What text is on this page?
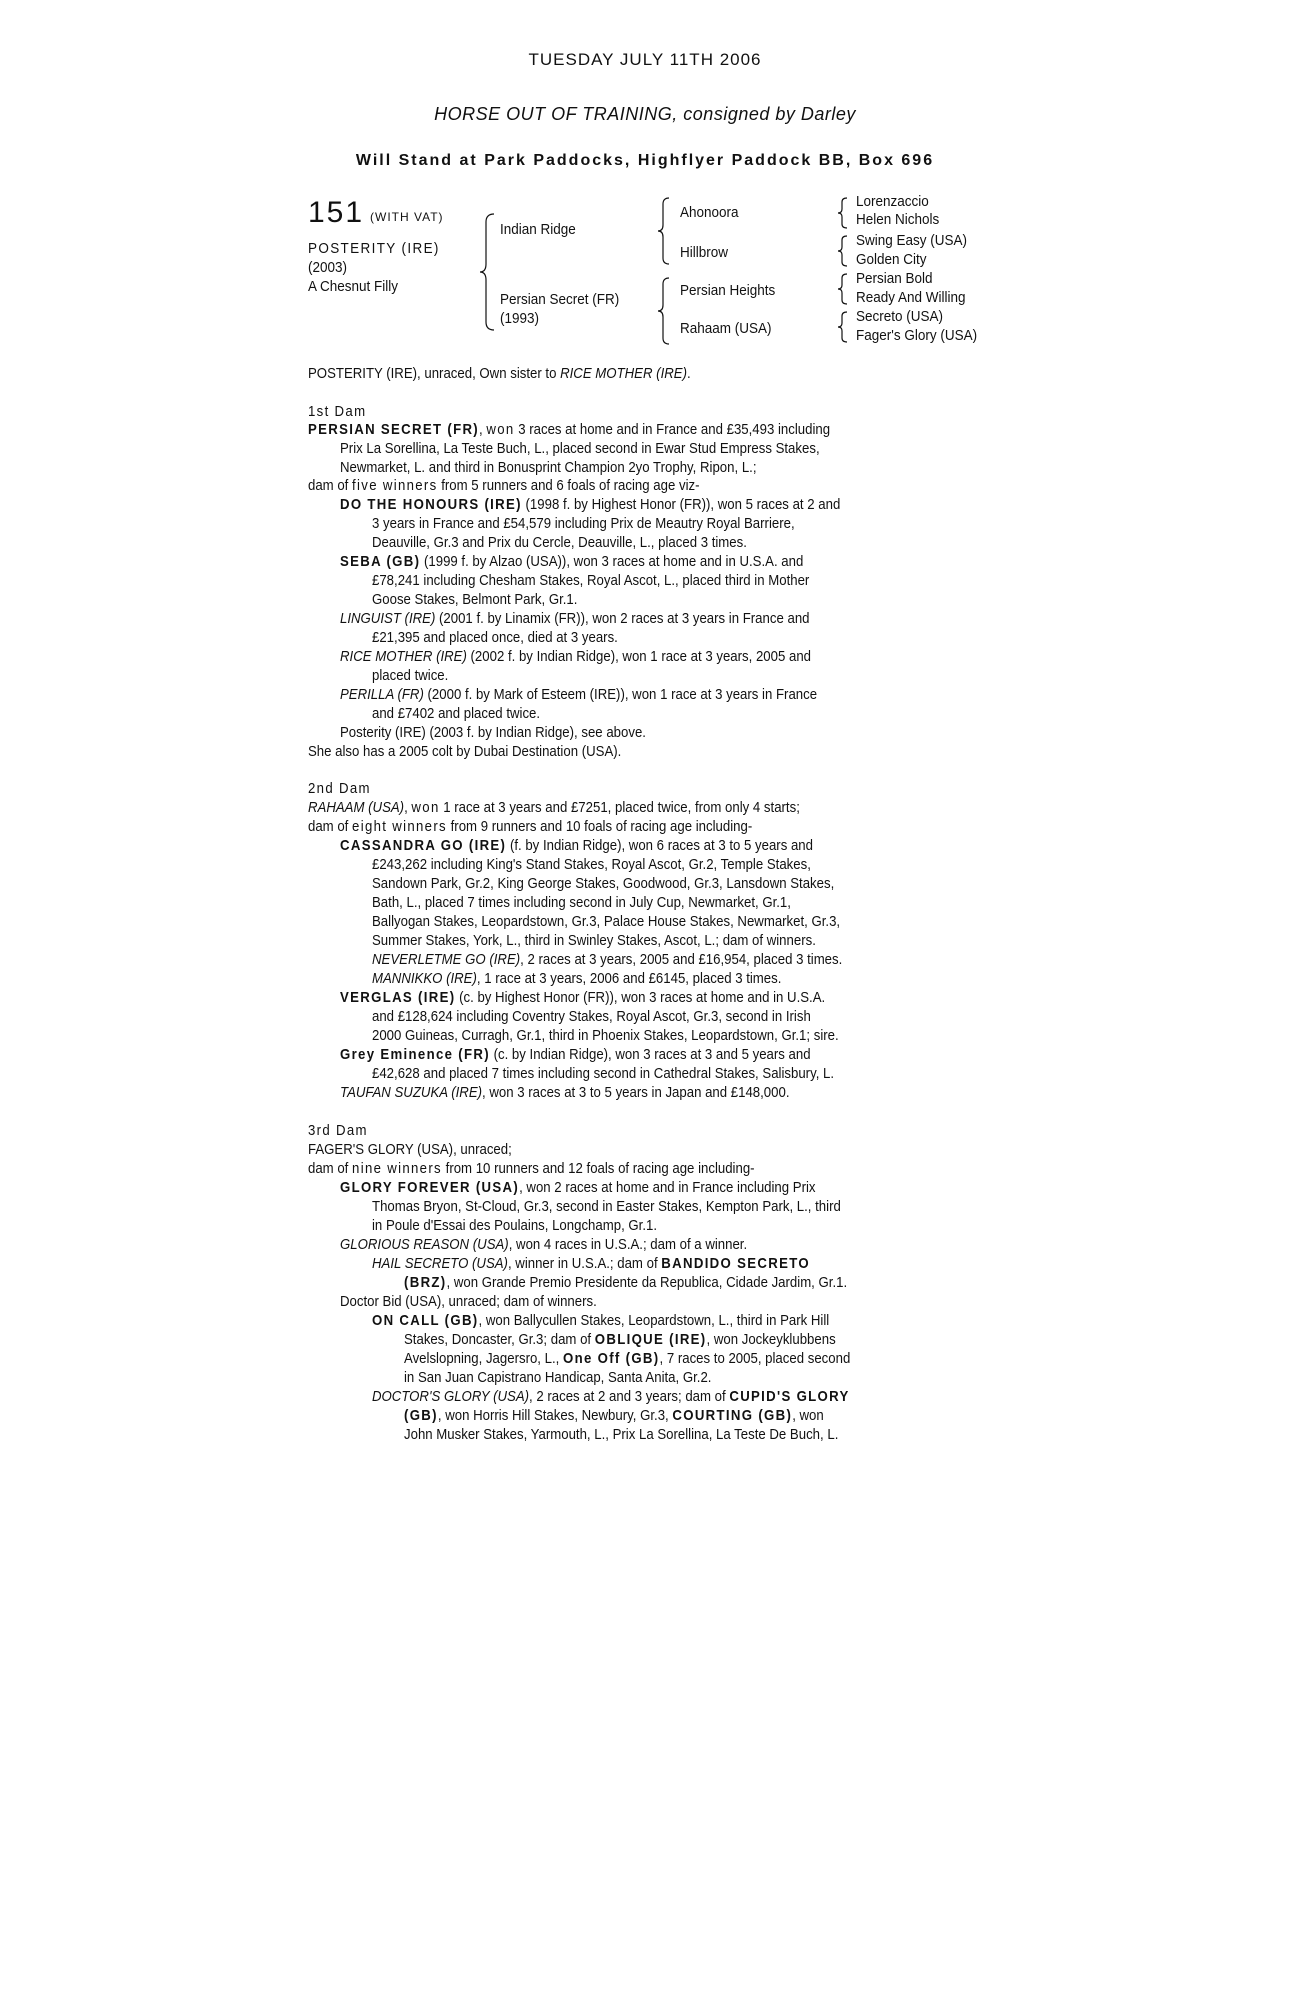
TUESDAY JULY 11TH 2006
HORSE OUT OF TRAINING, consigned by Darley
Will Stand at Park Paddocks, Highflyer Paddock BB, Box 696
151 (WITH VAT)
POSTERITY (IRE)
(2003)
A Chesnut Filly
Indian Ridge
Persian Secret (FR)
(1993)
Ahonoora
Hillbrow
Persian Heights
Rahaam (USA)
Lorenzaccio
Helen Nichols
Swing Easy (USA)
Golden City
Persian Bold
Ready And Willing
Secreto (USA)
Fager's Glory (USA)
POSTERITY (IRE), unraced, Own sister to RICE MOTHER (IRE).
1st Dam
PERSIAN SECRET (FR), won 3 races at home and in France and £35,493 including
Prix La Sorellina, La Teste Buch, L., placed second in Ewar Stud Empress Stakes,
Newmarket, L. and third in Bonusprint Champion 2yo Trophy, Ripon, L.;
dam of five winners from 5 runners and 6 foals of racing age viz-
DO THE HONOURS (IRE) (1998 f. by Highest Honor (FR)), won 5 races at 2 and
3 years in France and £54,579 including Prix de Meautry Royal Barriere,
Deauville, Gr.3 and Prix du Cercle, Deauville, L., placed 3 times.
SEBA (GB) (1999 f. by Alzao (USA)), won 3 races at home and in U.S.A. and
£78,241 including Chesham Stakes, Royal Ascot, L., placed third in Mother
Goose Stakes, Belmont Park, Gr.1.
LINGUIST (IRE) (2001 f. by Linamix (FR)), won 2 races at 3 years in France and
£21,395 and placed once, died at 3 years.
RICE MOTHER (IRE) (2002 f. by Indian Ridge), won 1 race at 3 years, 2005 and
placed twice.
PERILLA (FR) (2000 f. by Mark of Esteem (IRE)), won 1 race at 3 years in France
and £7402 and placed twice.
Posterity (IRE) (2003 f. by Indian Ridge), see above.
She also has a 2005 colt by Dubai Destination (USA).
2nd Dam
RAHAAM (USA), won 1 race at 3 years and £7251, placed twice, from only 4 starts;
dam of eight winners from 9 runners and 10 foals of racing age including-
CASSANDRA GO (IRE) (f. by Indian Ridge), won 6 races at 3 to 5 years and
£243,262 including King's Stand Stakes, Royal Ascot, Gr.2, Temple Stakes,
Sandown Park, Gr.2, King George Stakes, Goodwood, Gr.3, Lansdown Stakes,
Bath, L., placed 7 times including second in July Cup, Newmarket, Gr.1,
Ballyogan Stakes, Leopardstown, Gr.3, Palace House Stakes, Newmarket, Gr.3,
Summer Stakes, York, L., third in Swinley Stakes, Ascot, L.; dam of winners.
NEVERLETME GO (IRE), 2 races at 3 years, 2005 and £16,954, placed 3 times.
MANNIKKO (IRE), 1 race at 3 years, 2006 and £6145, placed 3 times.
VERGLAS (IRE) (c. by Highest Honor (FR)), won 3 races at home and in U.S.A.
and £128,624 including Coventry Stakes, Royal Ascot, Gr.3, second in Irish
2000 Guineas, Curragh, Gr.1, third in Phoenix Stakes, Leopardstown, Gr.1; sire.
Grey Eminence (FR) (c. by Indian Ridge), won 3 races at 3 and 5 years and
£42,628 and placed 7 times including second in Cathedral Stakes, Salisbury, L.
TAUFAN SUZUKA (IRE), won 3 races at 3 to 5 years in Japan and £148,000.
3rd Dam
FAGER'S GLORY (USA), unraced;
dam of nine winners from 10 runners and 12 foals of racing age including-
GLORY FOREVER (USA), won 2 races at home and in France including Prix
Thomas Bryon, St-Cloud, Gr.3, second in Easter Stakes, Kempton Park, L., third
in Poule d'Essai des Poulains, Longchamp, Gr.1.
GLORIOUS REASON (USA), won 4 races in U.S.A.; dam of a winner.
HAIL SECRETO (USA), winner in U.S.A.; dam of BANDIDO SECRETO
(BRZ), won Grande Premio Presidente da Republica, Cidade Jardim, Gr.1.
Doctor Bid (USA), unraced; dam of winners.
ON CALL (GB), won Ballycullen Stakes, Leopardstown, L., third in Park Hill
Stakes, Doncaster, Gr.3; dam of OBLIQUE (IRE), won Jockeyklubbens
Avelslopning, Jagersro, L., One Off (GB), 7 races to 2005, placed second
in San Juan Capistrano Handicap, Santa Anita, Gr.2.
DOCTOR'S GLORY (USA), 2 races at 2 and 3 years; dam of CUPID'S GLORY
(GB), won Horris Hill Stakes, Newbury, Gr.3, COURTING (GB), won
John Musker Stakes, Yarmouth, L., Prix La Sorellina, La Teste De Buch, L.
